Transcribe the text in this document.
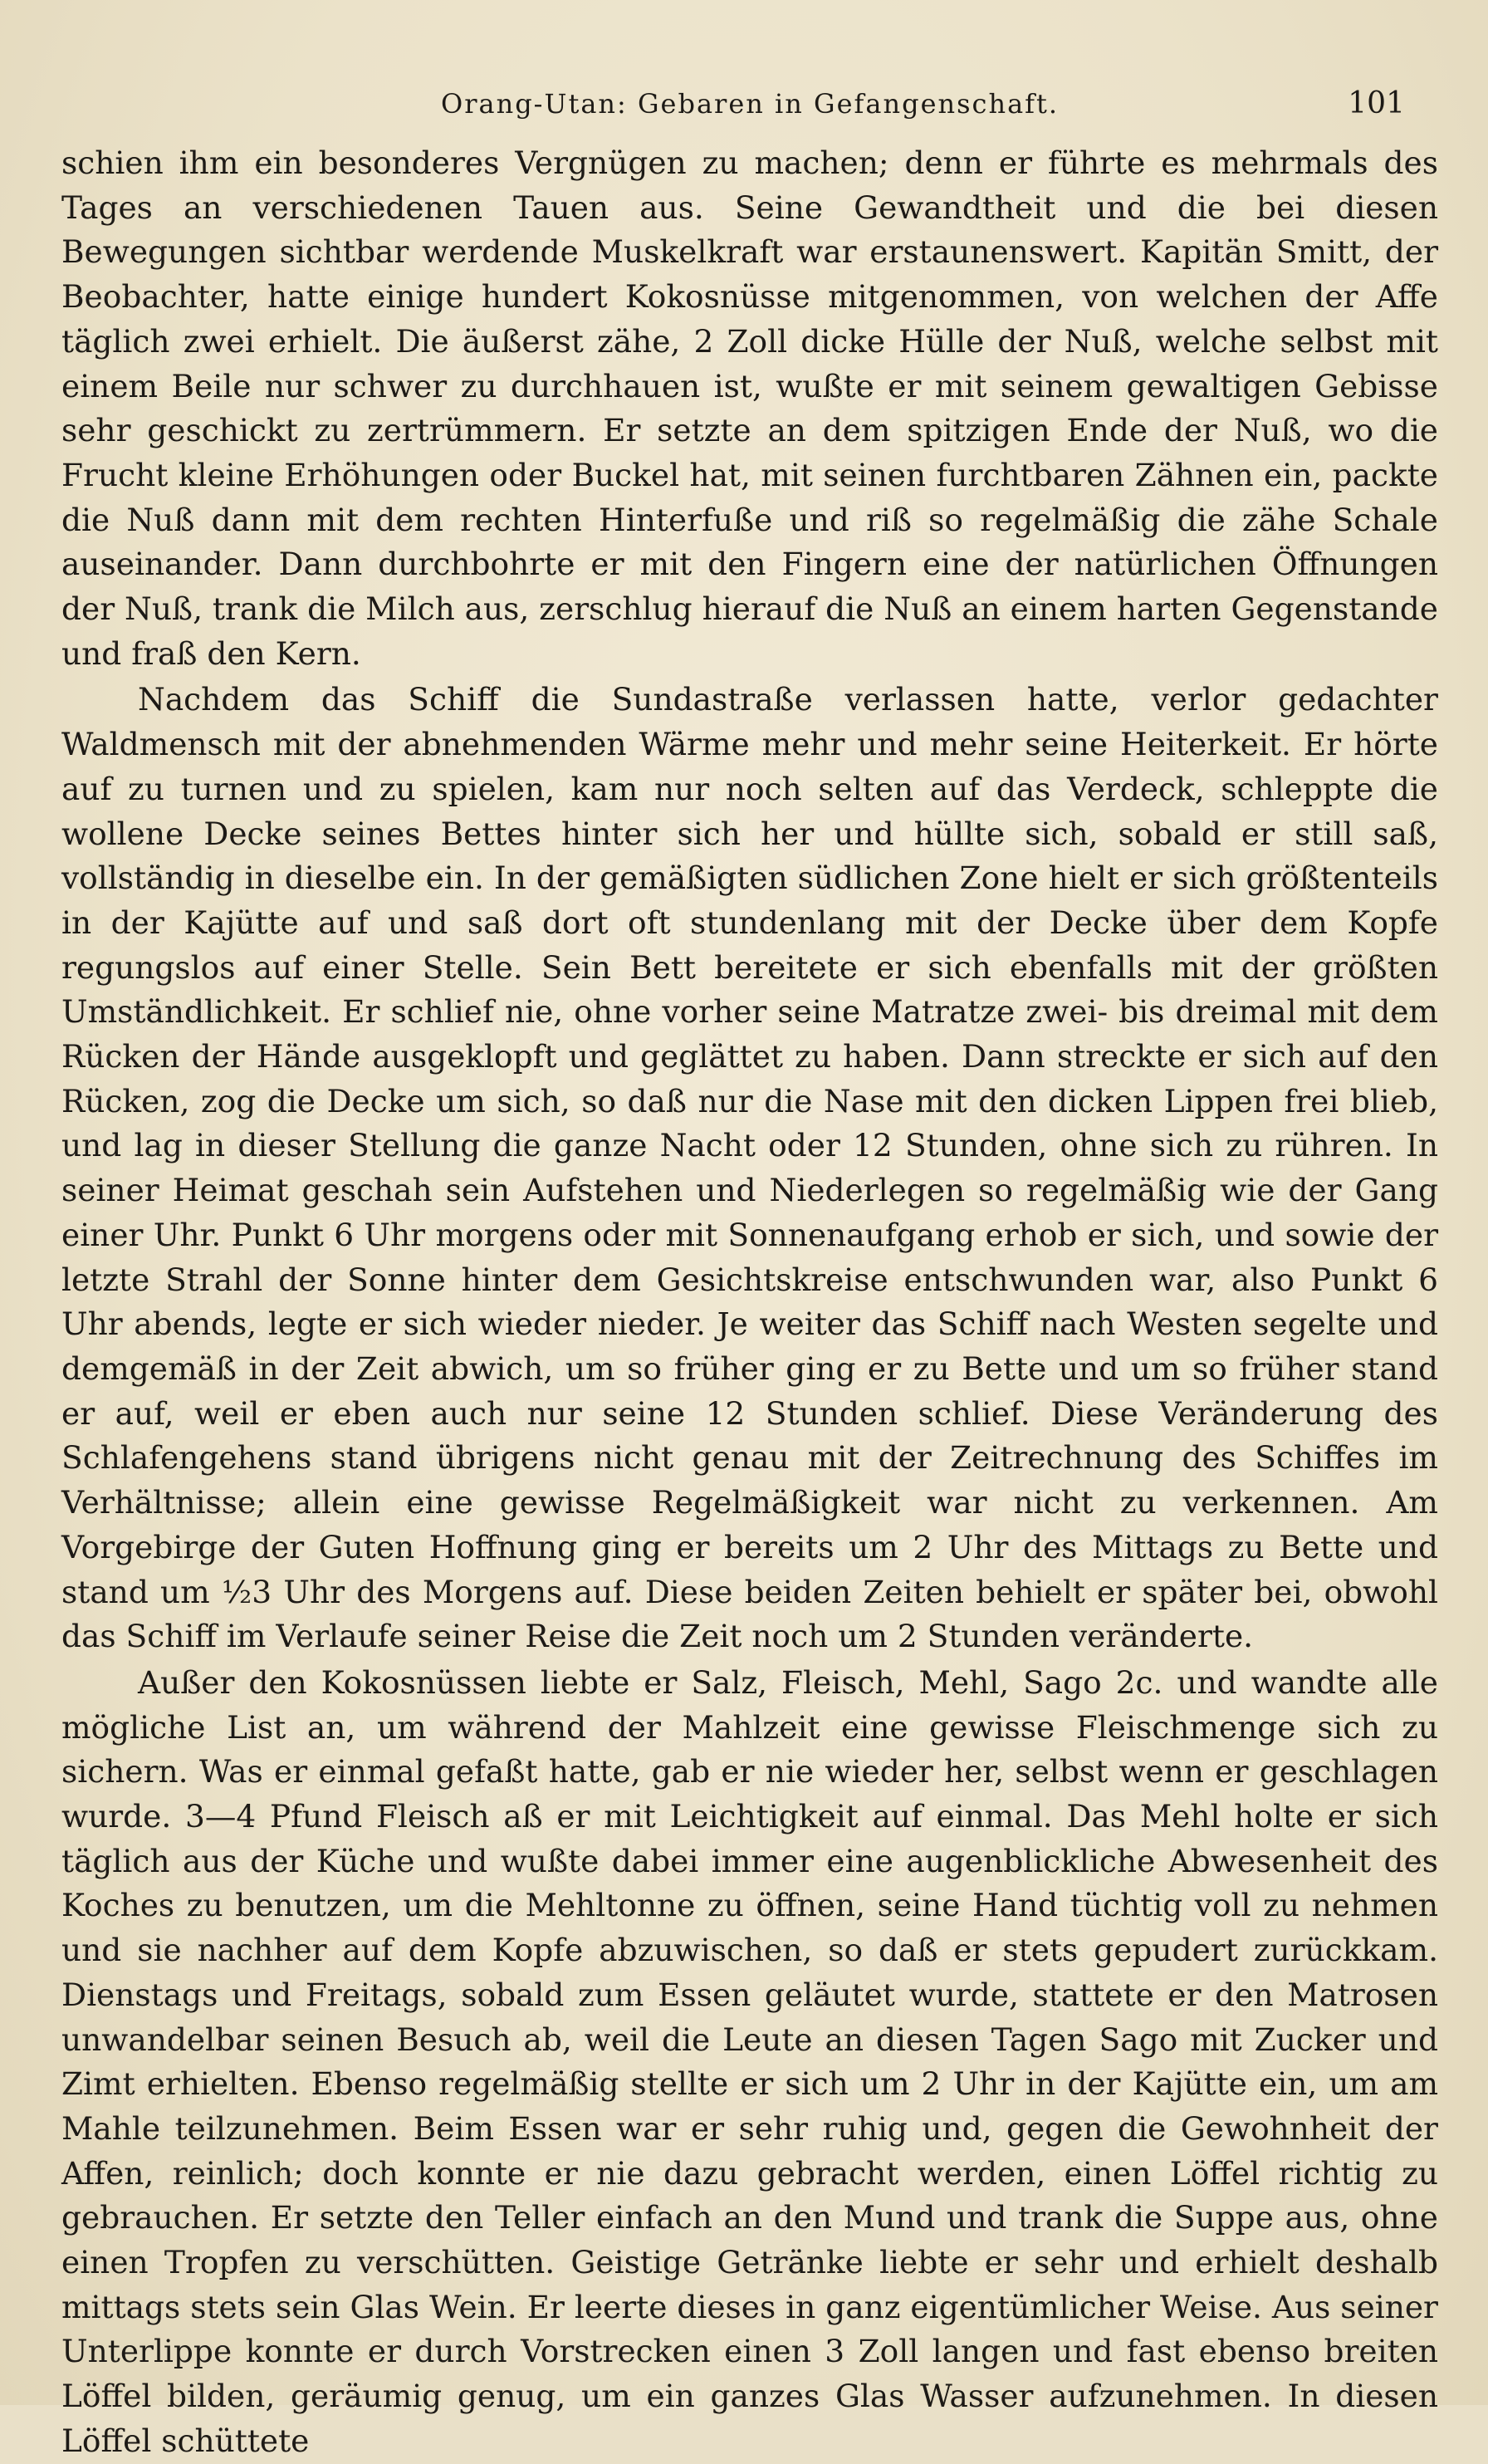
Orang-Utan: Gebaren in Gefangenschaft.	101

schien ihm ein besonderes Vergnügen zu machen; denn er führte es mehrmals des Tages an verschiedenen Tauen aus. Seine Gewandtheit und die bei diesen Bewegungen sichtbar werdende Muskelkraft war erstaunenswert. Kapitän Smitt, der Beobachter, hatte einige hundert Kokosnüsse mitgenommen, von welchen der Affe täglich zwei erhielt. Die äußerst zähe, 2 Zoll dicke Hülle der Nuß, welche selbst mit einem Beile nur schwer zu durchhauen ist, wußte er mit seinem gewaltigen Gebisse sehr geschickt zu zertrümmern. Er setzte an dem spitzigen Ende der Nuß, wo die Frucht kleine Erhöhungen oder Buckel hat, mit seinen furchtbaren Zähnen ein, packte die Nuß dann mit dem rechten Hinterfuße und riß so regelmäßig die zähe Schale auseinander. Dann durchbohrte er mit den Fingern eine der natürlichen Öffnungen der Nuß, trank die Milch aus, zerschlug hierauf die Nuß an einem harten Gegenstande und fraß den Kern.

Nachdem das Schiff die Sundastraße verlassen hatte, verlor gedachter Waldmensch mit der abnehmenden Wärme mehr und mehr seine Heiterkeit. Er hörte auf zu turnen und zu spielen, kam nur noch selten auf das Verdeck, schleppte die wollene Decke seines Bettes hinter sich her und hüllte sich, sobald er still saß, vollständig in dieselbe ein. In der gemäßigten südlichen Zone hielt er sich größtenteils in der Kajütte auf und saß dort oft stundenlang mit der Decke über dem Kopfe regungslos auf einer Stelle. Sein Bett bereitete er sich ebenfalls mit der größten Umständlichkeit. Er schlief nie, ohne vorher seine Matratze zwei- bis dreimal mit dem Rücken der Hände ausgeklopft und geglättet zu haben. Dann streckte er sich auf den Rücken, zog die Decke um sich, so daß nur die Nase mit den dicken Lippen frei blieb, und lag in dieser Stellung die ganze Nacht oder 12 Stunden, ohne sich zu rühren. In seiner Heimat geschah sein Aufstehen und Niederlegen so regelmäßig wie der Gang einer Uhr. Punkt 6 Uhr morgens oder mit Sonnenaufgang erhob er sich, und sowie der letzte Strahl der Sonne hinter dem Gesichtskreise entschwunden war, also Punkt 6 Uhr abends, legte er sich wieder nieder. Je weiter das Schiff nach Westen segelte und demgemäß in der Zeit abwich, um so früher ging er zu Bette und um so früher stand er auf, weil er eben auch nur seine 12 Stunden schlief. Diese Veränderung des Schlafengehens stand übrigens nicht genau mit der Zeitrechnung des Schiffes im Verhältnisse; allein eine gewisse Regelmäßigkeit war nicht zu verkennen. Am Vorgebirge der Guten Hoffnung ging er bereits um 2 Uhr des Mittags zu Bette und stand um ½3 Uhr des Morgens auf. Diese beiden Zeiten behielt er später bei, obwohl das Schiff im Verlaufe seiner Reise die Zeit noch um 2 Stunden veränderte.

Außer den Kokosnüssen liebte er Salz, Fleisch, Mehl, Sago 2c. und wandte alle mögliche List an, um während der Mahlzeit eine gewisse Fleischmenge sich zu sichern. Was er einmal gefaßt hatte, gab er nie wieder her, selbst wenn er geschlagen wurde. 3—4 Pfund Fleisch aß er mit Leichtigkeit auf einmal. Das Mehl holte er sich täglich aus der Küche und wußte dabei immer eine augenblickliche Abwesenheit des Koches zu benutzen, um die Mehltonne zu öffnen, seine Hand tüchtig voll zu nehmen und sie nachher auf dem Kopfe abzuwischen, so daß er stets gepudert zurückkam. Dienstags und Freitags, sobald zum Essen geläutet wurde, stattete er den Matrosen unwandelbar seinen Besuch ab, weil die Leute an diesen Tagen Sago mit Zucker und Zimt erhielten. Ebenso regelmäßig stellte er sich um 2 Uhr in der Kajütte ein, um am Mahle teilzunehmen. Beim Essen war er sehr ruhig und, gegen die Gewohnheit der Affen, reinlich; doch konnte er nie dazu gebracht werden, einen Löffel richtig zu gebrauchen. Er setzte den Teller einfach an den Mund und trank die Suppe aus, ohne einen Tropfen zu verschütten. Geistige Getränke liebte er sehr und erhielt deshalb mittags stets sein Glas Wein. Er leerte dieses in ganz eigentümlicher Weise. Aus seiner Unterlippe konnte er durch Vorstrecken einen 3 Zoll langen und fast ebenso breiten Löffel bilden, geräumig genug, um ein ganzes Glas Wasser aufzunehmen. In diesen Löffel schüttete
